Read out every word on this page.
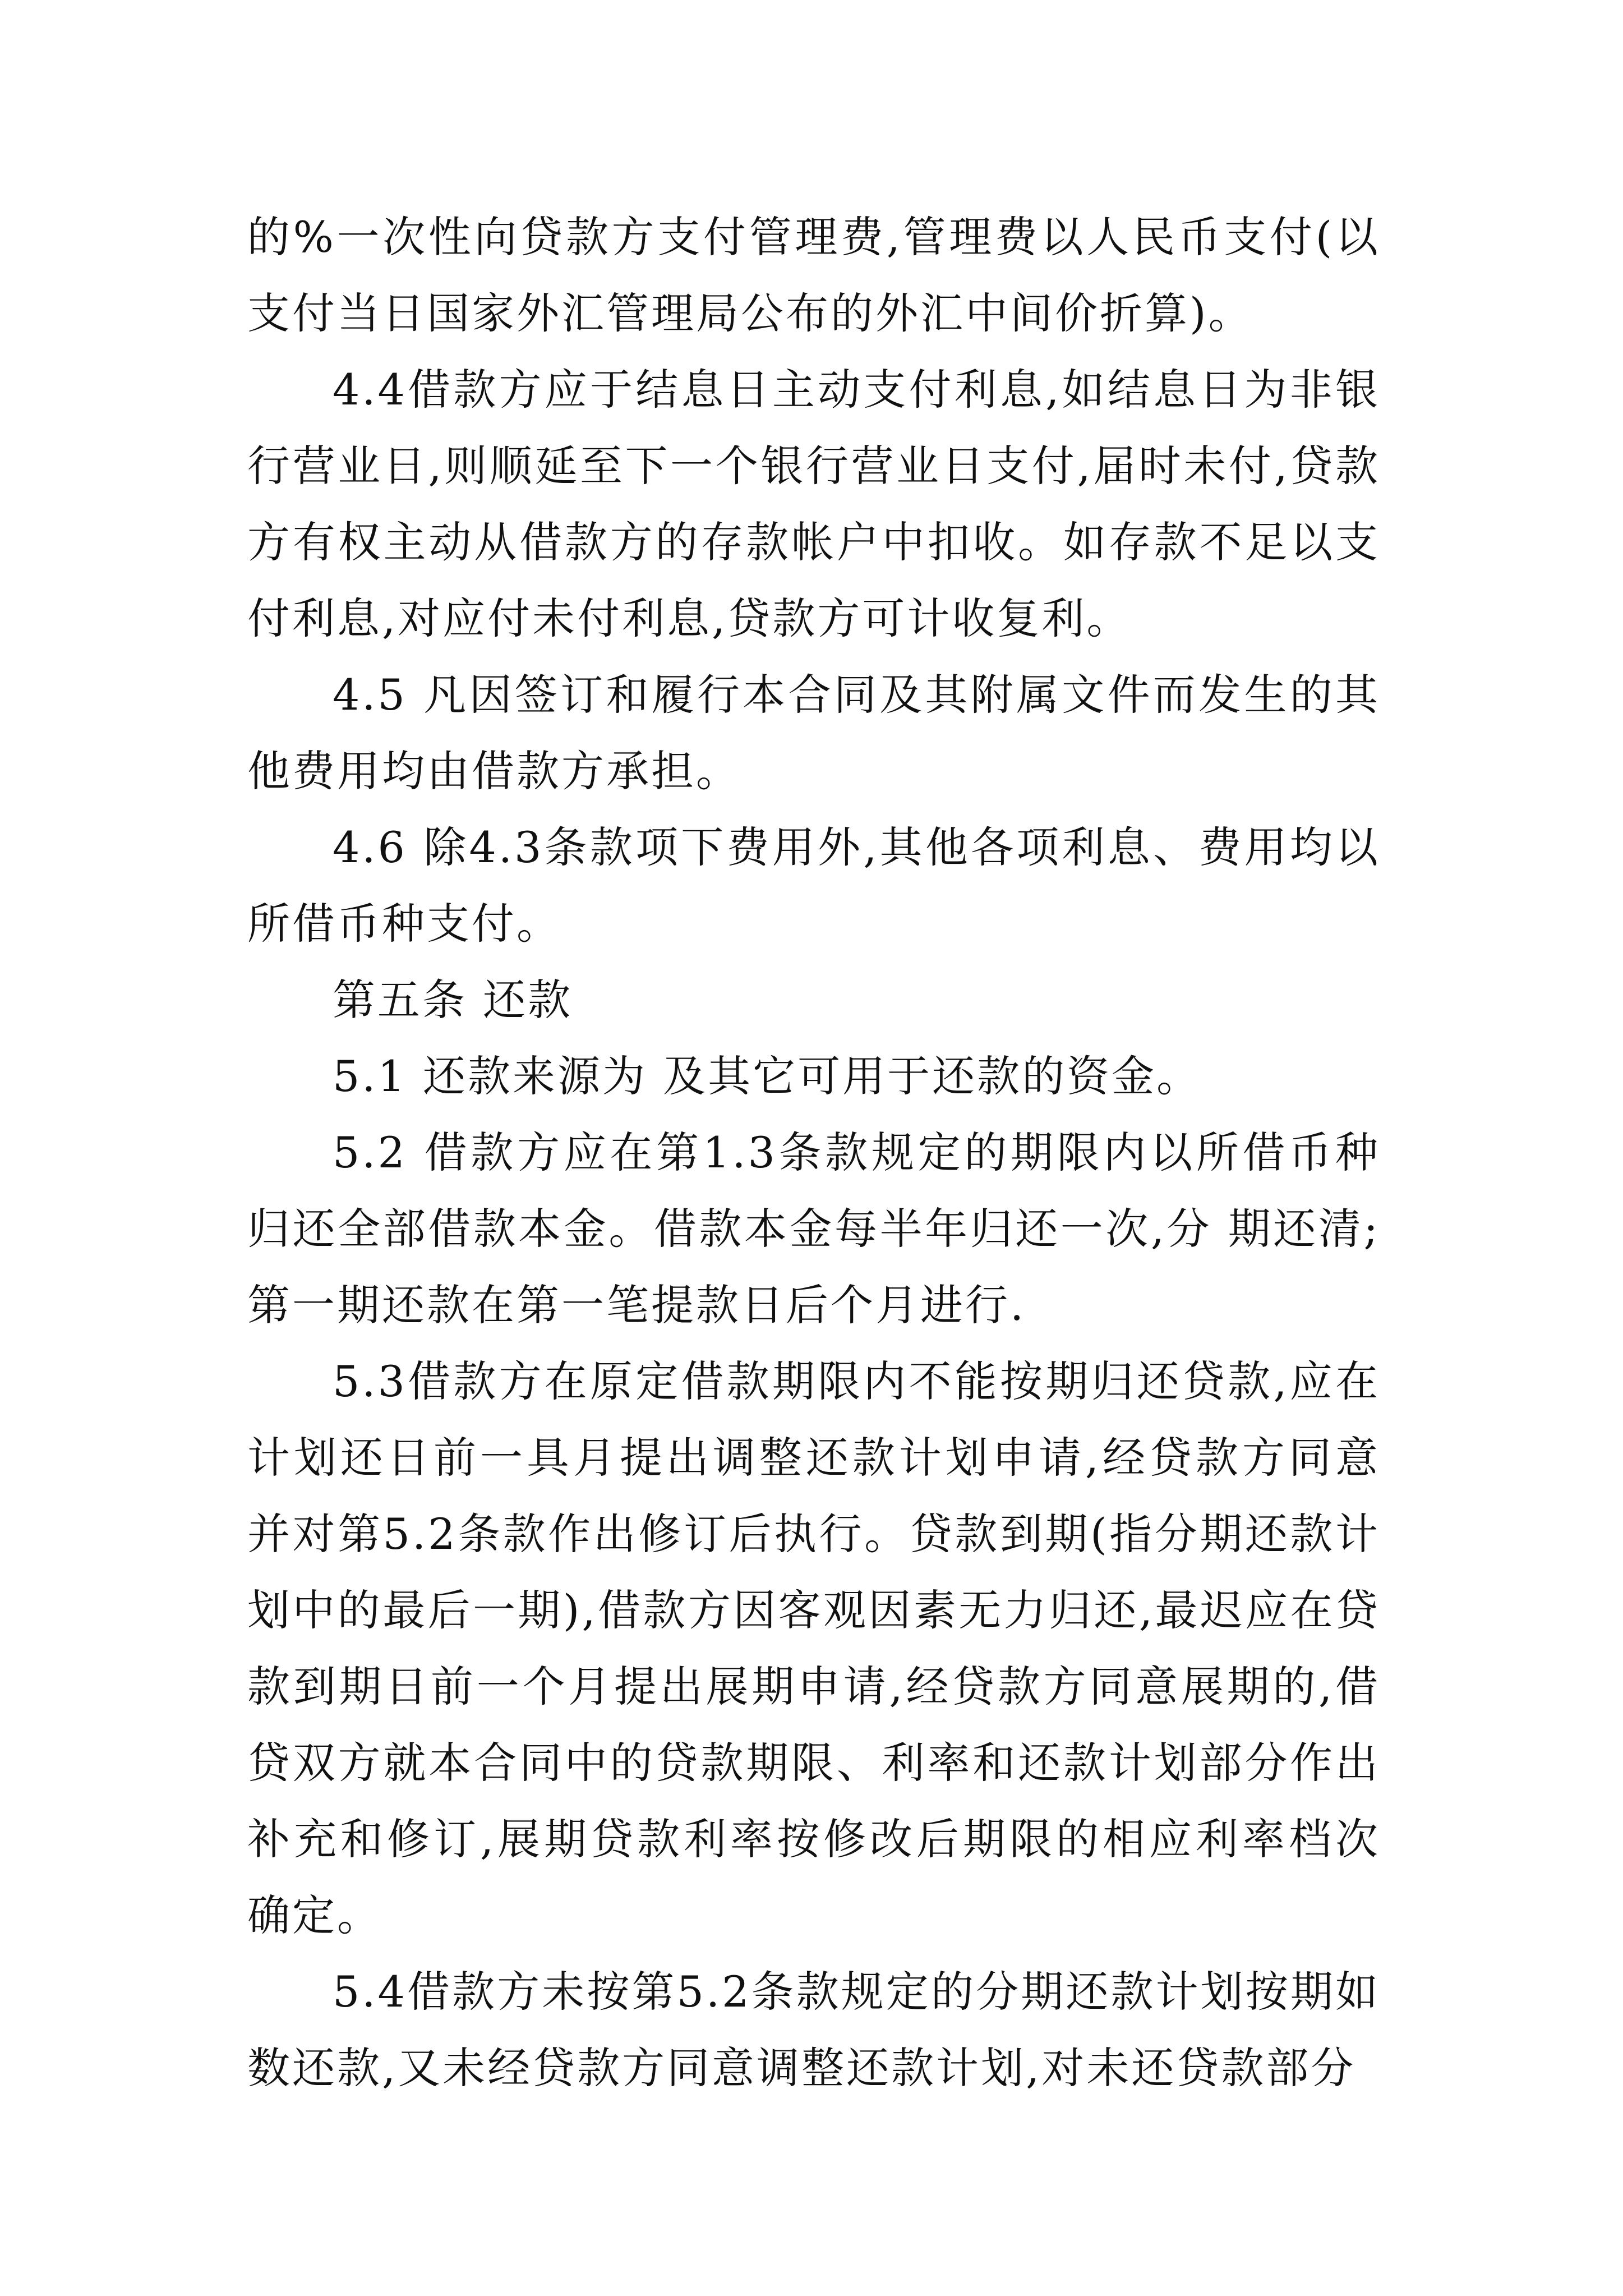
的%一次性向贷款方支付管理费,管理费以人民币支付(以支付当日国家外汇管理局公布的外汇中间价折算)。

4.4借款方应于结息日主动支付利息,如结息日为非银行营业日,则顺延至下一个银行营业日支付,届时未付,贷款方有权主动从借款方的存款帐户中扣收。如存款不足以支付利息,对应付未付利息,贷款方可计收复利。

4.5 凡因签订和履行本合同及其附属文件而发生的其他费用均由借款方承担。

4.6 除4.3条款项下费用外,其他各项利息、费用均以所借币种支付。

第五条 还款

5.1 还款来源为 及其它可用于还款的资金。

5.2 借款方应在第1.3条款规定的期限内以所借币种归还全部借款本金。借款本金每半年归还一次,分 期还清;第一期还款在第一笔提款日后个月进行.

5.3借款方在原定借款期限内不能按期归还贷款,应在计划还日前一具月提出调整还款计划申请,经贷款方同意并对第5.2条款作出修订后执行。贷款到期(指分期还款计划中的最后一期),借款方因客观因素无力归还,最迟应在贷款到期日前一个月提出展期申请,经贷款方同意展期的,借贷双方就本合同中的贷款期限、利率和还款计划部分作出补充和修订,展期贷款利率按修改后期限的相应利率档次确定。

5.4借款方未按第5.2条款规定的分期还款计划按期如数还款,又未经贷款方同意调整还款计划,对未还贷款部分
